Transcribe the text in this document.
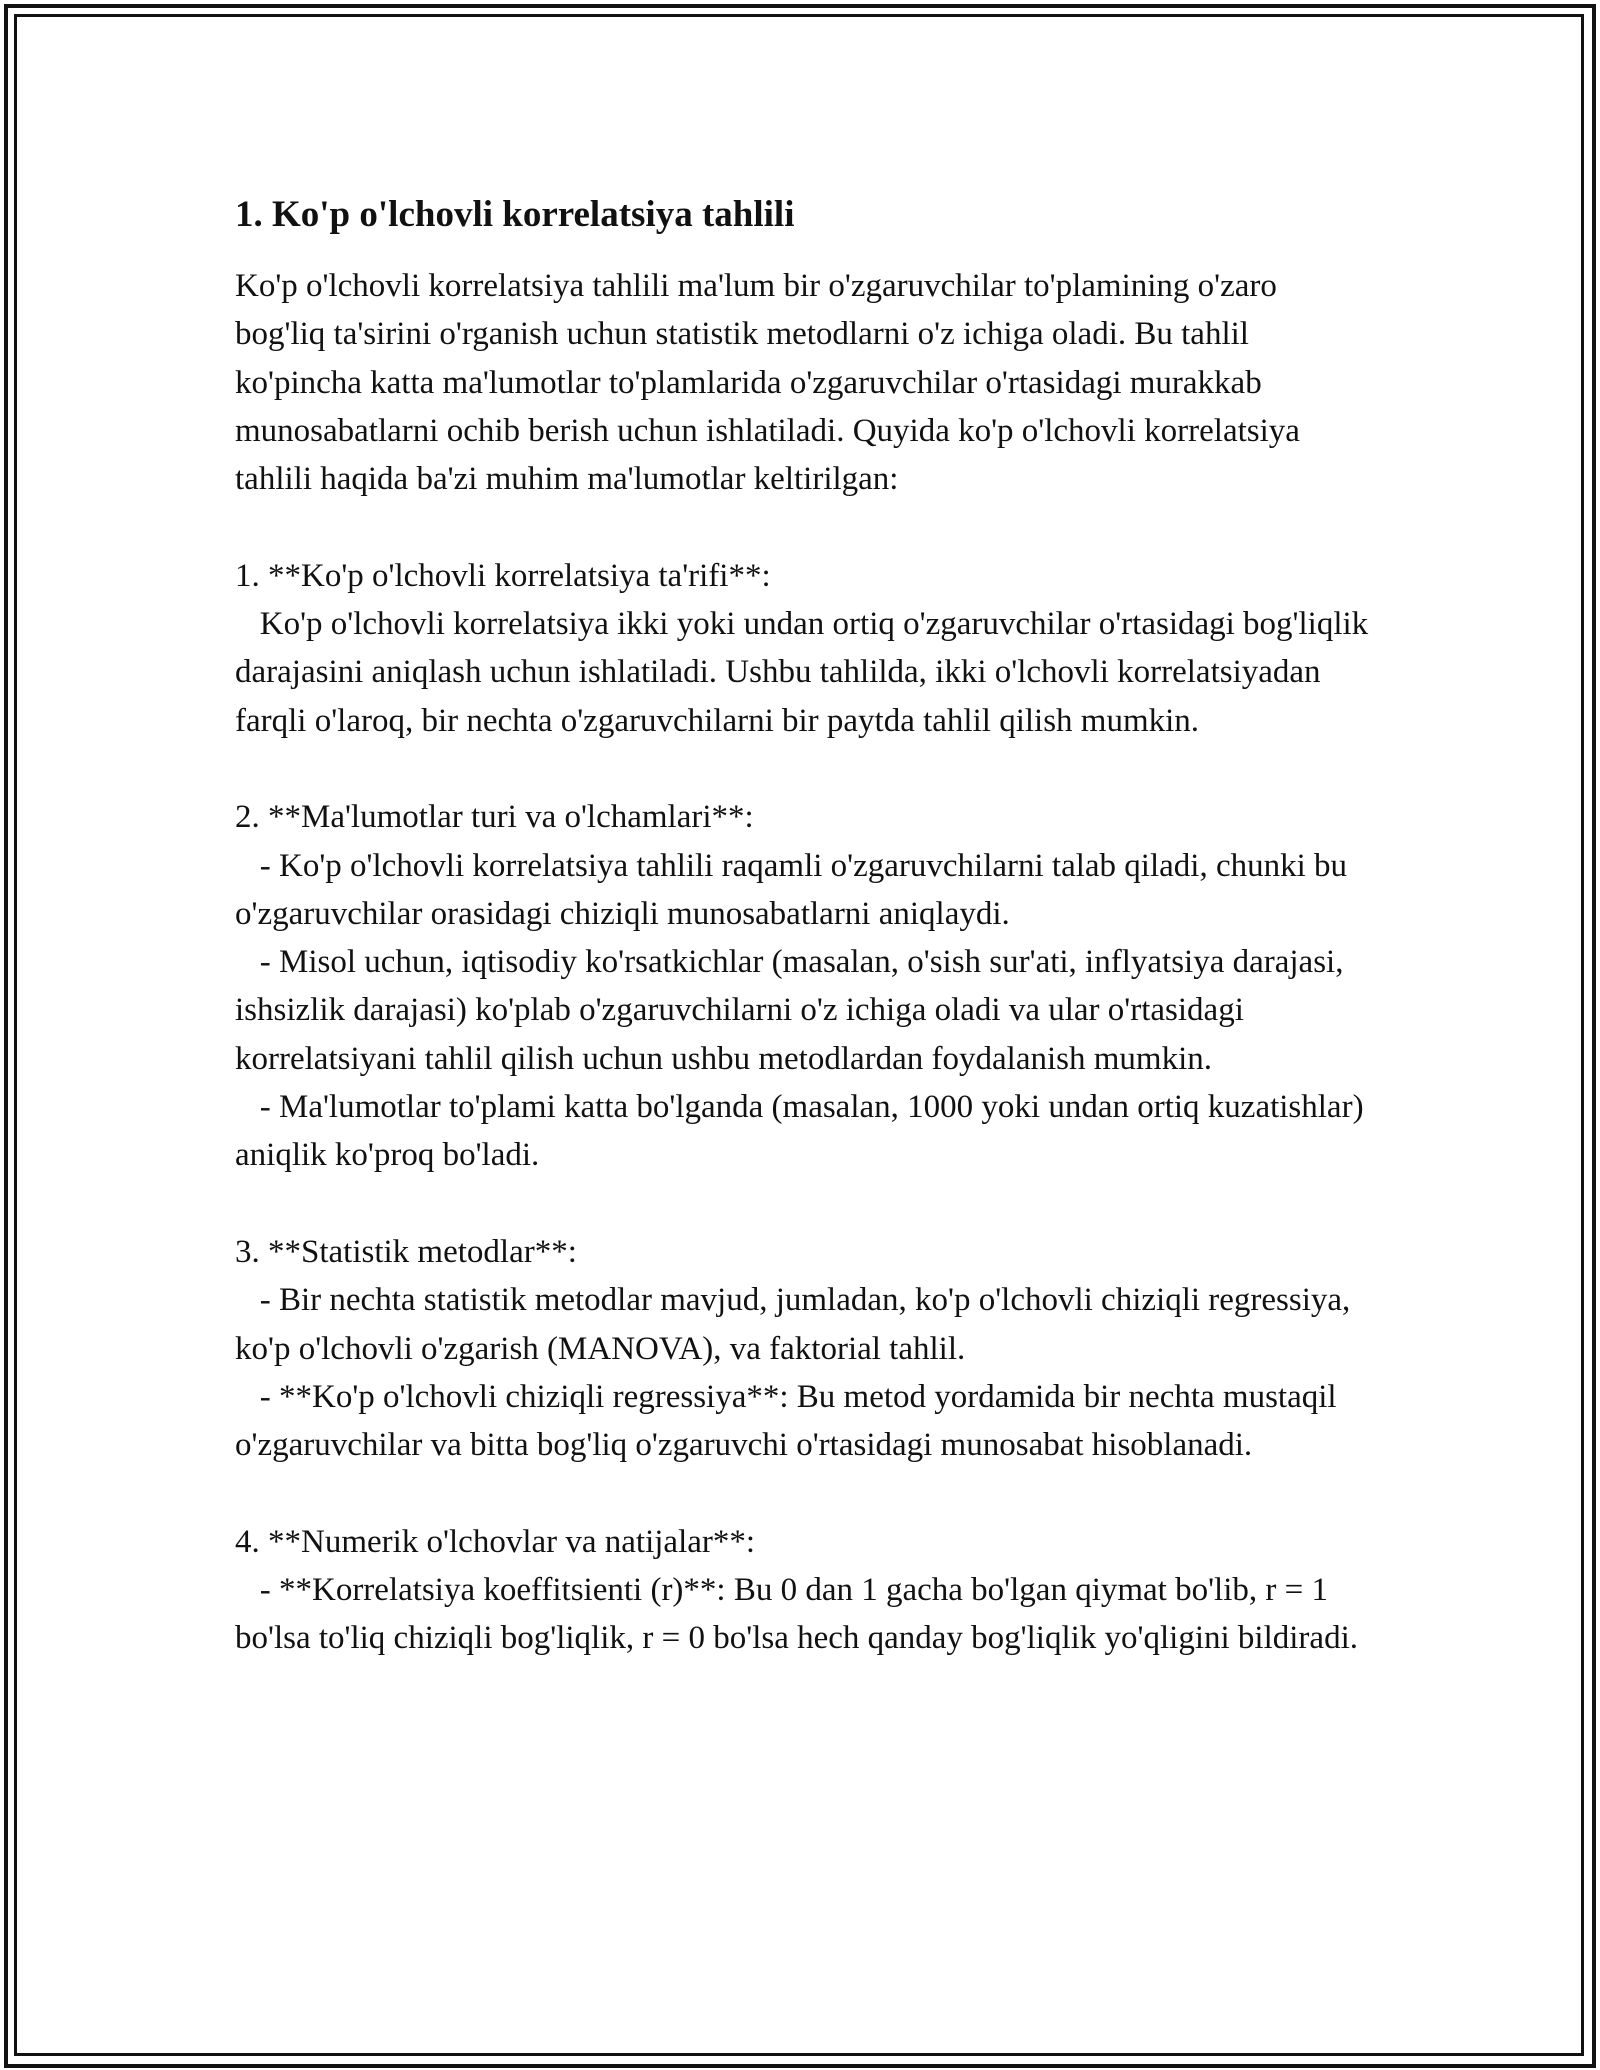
1. Ko'p o'lchovli korrelatsiya tahlili

Ko'p o'lchovli korrelatsiya tahlili ma'lum bir o'zgaruvchilar to'plamining o'zaro bog'liq ta'sirini o'rganish uchun statistik metodlarni o'z ichiga oladi. Bu tahlil ko'pincha katta ma'lumotlar to'plamlarida o'zgaruvchilar o'rtasidagi murakkab munosabatlarni ochib berish uchun ishlatiladi. Quyida ko'p o'lchovli korrelatsiya tahlili haqida ba'zi muhim ma'lumotlar keltirilgan:

1. **Ko'p o'lchovli korrelatsiya ta'rifi**:

Ko'p o'lchovli korrelatsiya ikki yoki undan ortiq o'zgaruvchilar o'rtasidagi bog'liqlik darajasini aniqlash uchun ishlatiladi. Ushbu tahlilda, ikki o'lchovli korrelatsiyadan farqli o'laroq, bir nechta o'zgaruvchilarni bir paytda tahlil qilish mumkin.

2. **Ma'lumotlar turi va o'lchamlari**:

- Ko'p o'lchovli korrelatsiya tahlili raqamli o'zgaruvchilarni talab qiladi, chunki bu o'zgaruvchilar orasidagi chiziqli munosabatlarni aniqlaydi.

- Misol uchun, iqtisodiy ko'rsatkichlar (masalan, o'sish sur'ati, inflyatsiya darajasi, ishsizlik darajasi) ko'plab o'zgaruvchilarni o'z ichiga oladi va ular o'rtasidagi korrelatsiyani tahlil qilish uchun ushbu metodlardan foydalanish mumkin.

- Ma'lumotlar to'plami katta bo'lganda (masalan, 1000 yoki undan ortiq kuzatishlar) aniqlik ko'proq bo'ladi.

3. **Statistik metodlar**:

- Bir nechta statistik metodlar mavjud, jumladan, ko'p o'lchovli chiziqli regressiya, ko'p o'lchovli o'zgarish (MANOVA), va faktorial tahlil.

- **Ko'p o'lchovli chiziqli regressiya**: Bu metod yordamida bir nechta mustaqil o'zgaruvchilar va bitta bog'liq o'zgaruvchi o'rtasidagi munosabat hisoblanadi.

4. **Numerik o'lchovlar va natijalar**:

- **Korrelatsiya koeffitsienti (r)**: Bu 0 dan 1 gacha bo'lgan qiymat bo'lib, r = 1 bo'lsa to'liq chiziqli bog'liqlik, r = 0 bo'lsa hech qanday bog'liqlik yo'qligini bildiradi.
